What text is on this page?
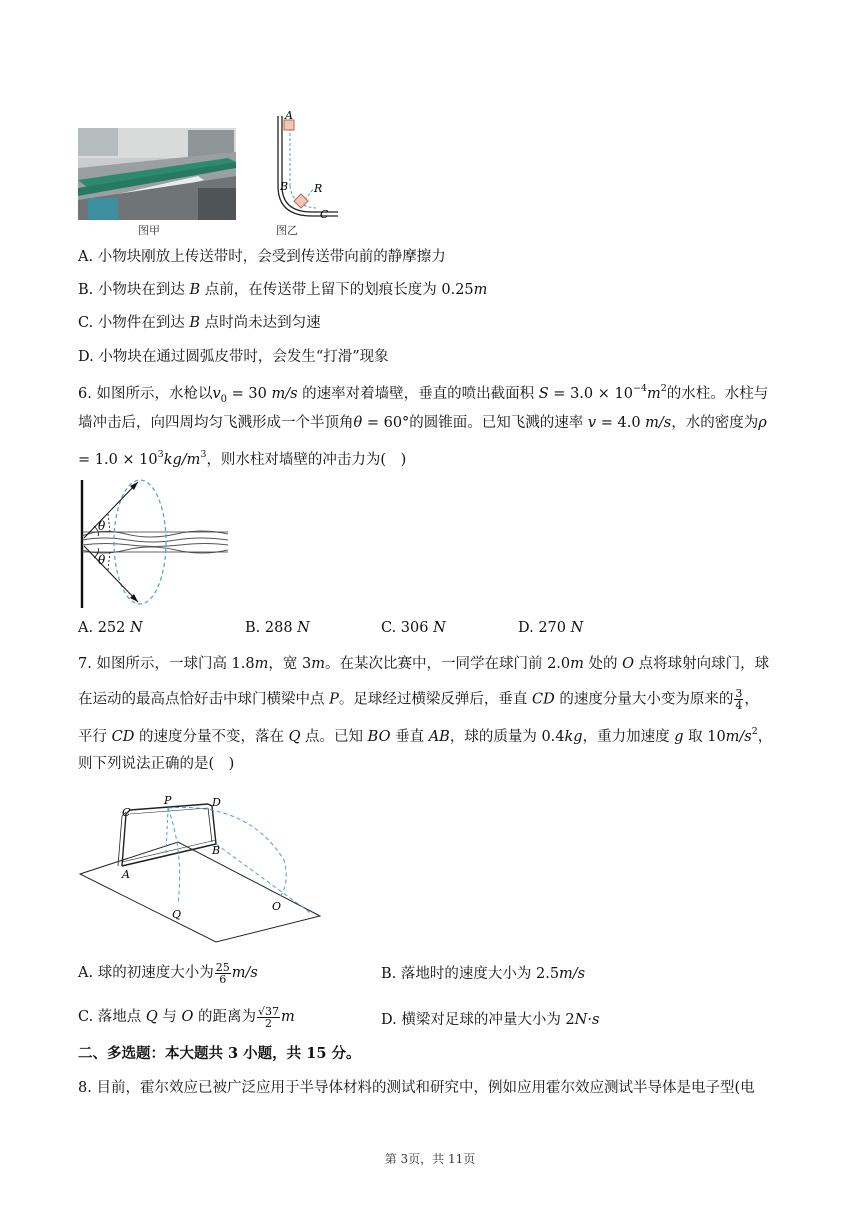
图甲
A
B R
C
图乙
A. 小物块刚放上传送带时，会受到传送带向前的静摩擦力
B. 小物块在到达 B 点前，在传送带上留下的划痕长度为 0.25m
C. 小物件在到达 B 点时尚未达到匀速
D. 小物块在通过圆弧皮带时，会发生“打滑”现象
6. 如图所示，水枪以$v_0 = 30$ m/s 的速率对着墙壁，垂直的喷出截面积 $S = 3.0 \times 10^{-4}m^2$的水柱。水柱与
墙冲击后，向四周均匀飞溅形成一个半顶角θ = 60°的圆锥面。已知飞溅的速率 v = 4.0 m/s，水的密度为ρ
= $1.0 \times 10^3kg/m^3$，则水柱对墙壁的冲击力为(　)
θ
θ
A. 252 N	B. 288 N	C. 306 N	D. 270 N
7. 如图所示，一球门高 1.8m，宽 3m。在某次比赛中，一同学在球门前 2.0m 处的 O 点将球射向球门，球
在运动的最高点恰好击中球门横梁中点 P。足球经过横梁反弹后，垂直 CD 的速度分量大小变为原来的 $\frac{3}{4}$ ，
平行 CD 的速度分量不变，落在 Q 点。已知 BO 垂直 AB，球的质量为 0.4kg，重力加速度 g 取 $10m/s^2$，
则下列说法正确的是(　)
C
P	D
B
A
Q
O
A. 球的初速度大小为 $\frac{25}{6} m/s$	B. 落地时的速度大小为 2.5m/s
C. 落地点 Q 与 O 的距离为 $\frac{√37}{2}$ m	D. 横梁对足球的冲量大小为 2N·s
二、多选题：本大题共 3 小题，共 15 分。
8. 目前，霍尔效应已被广泛应用于半导体材料的测试和研究中，例如应用霍尔效应测试半导体是电子型(电
第 3页，共 11页
